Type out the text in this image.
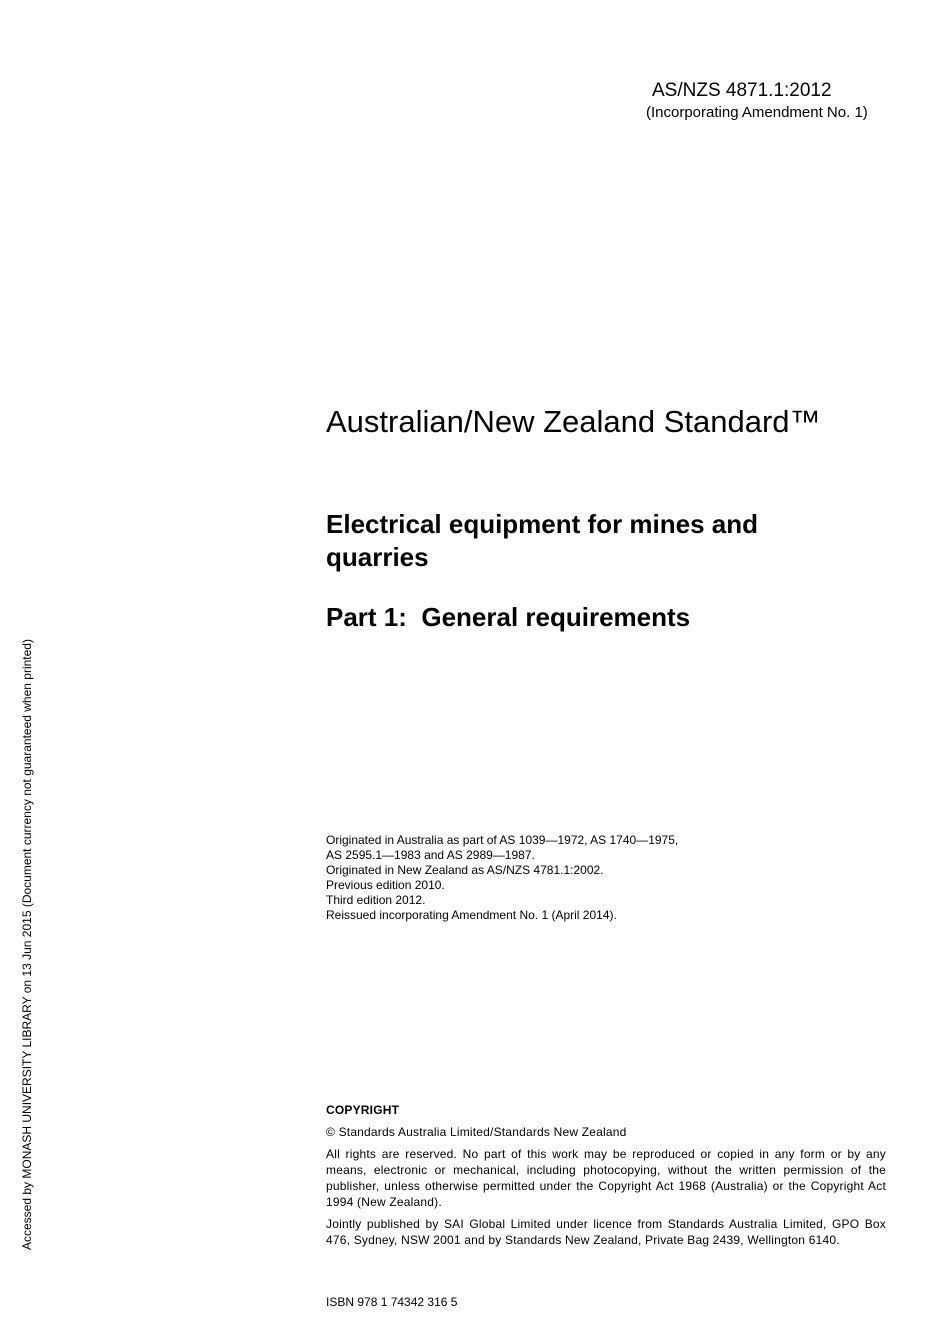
AS/NZS 4871.1:2012
(Incorporating Amendment No. 1)
Australian/New Zealand Standard™
Electrical equipment for mines and
quarries
Part 1:  General requirements
Originated in Australia as part of AS 1039—1972, AS 1740—1975,
AS 2595.1—1983 and AS 2989—1987.
Originated in New Zealand as AS/NZS 4781.1:2002.
Previous edition 2010.
Third edition 2012.
Reissued incorporating Amendment No. 1 (April 2014).

COPYRIGHT

© Standards Australia Limited/Standards New Zealand

All rights are reserved. No part of this work may be reproduced or copied in any form or by any means, electronic or mechanical, including photocopying, without the written permission of the publisher, unless otherwise permitted under the Copyright Act 1968 (Australia) or the Copyright Act 1994 (New Zealand).

Jointly published by SAI Global Limited under licence from Standards Australia Limited, GPO Box 476, Sydney, NSW 2001 and by Standards New Zealand, Private Bag 2439, Wellington 6140.

ISBN 978 1 74342 316 5
Accessed by MONASH UNIVERSITY LIBRARY on 13 Jun 2015 (Document currency not guaranteed when printed)
